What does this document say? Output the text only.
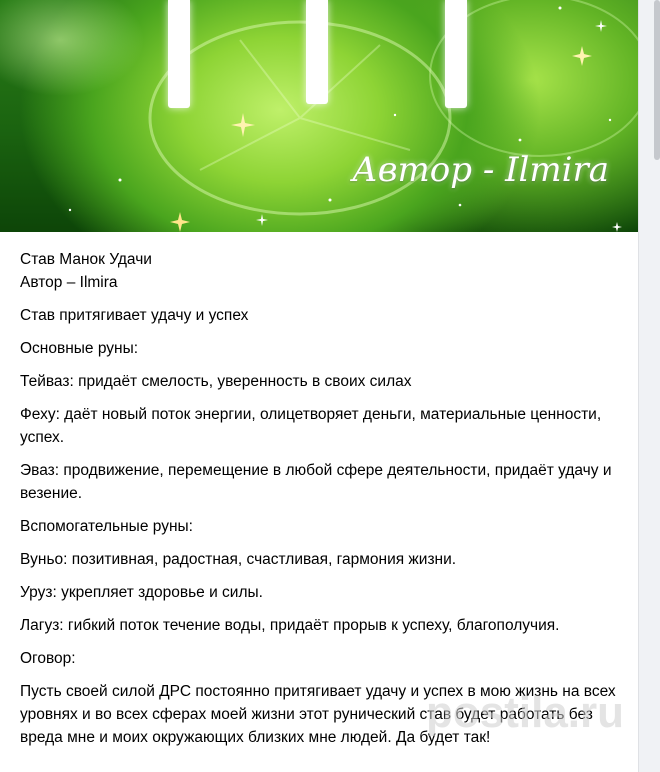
Автор - Ilmira

Став Манок Удачи

Автор – Ilmira

Став притягивает удачу и успех

Основные руны:

Тейваз: придаёт смелость, уверенность в своих силах

Феху: даёт новый поток энергии, олицетворяет деньги, материальные ценности, успех.

Эваз: продвижение, перемещение в любой сфере деятельности, придаёт удачу и везение.

Вспомогательные руны:

Вуньо: позитивная, радостная, счастливая, гармония жизни.

Уруз: укрепляет здоровье и силы.

Лагуз: гибкий поток течение воды, придаёт прорыв к успеху, благополучия.

Оговор:

Пусть своей силой ДРС постоянно притягивает удачу и успех в мою жизнь на всех уровнях и во всех сферах моей жизни этот рунический став будет работать без вреда мне и моих окружающих близких мне людей. Да будет так!

postila.ru
